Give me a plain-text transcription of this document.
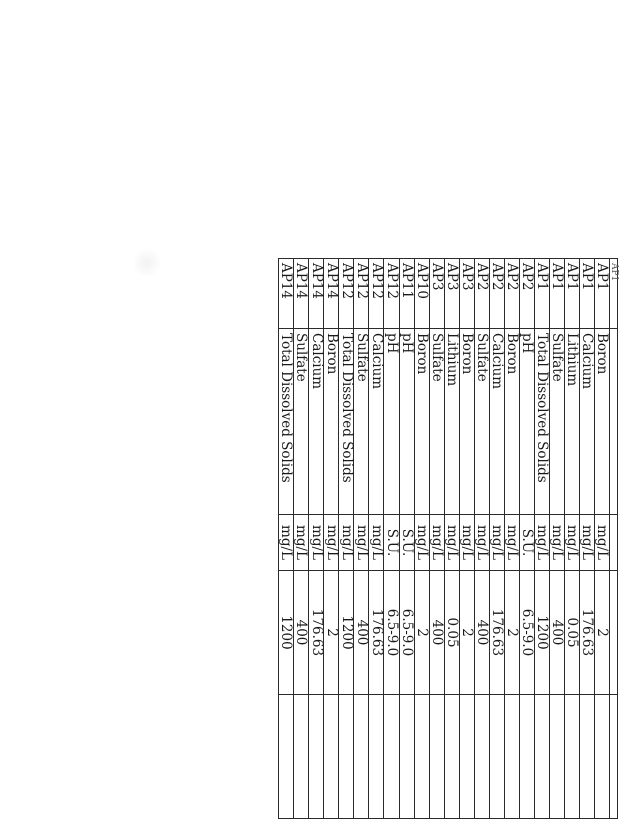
AP1				
AP1	Boron	mg/L	2	
AP1	Calcium	mg/L	176.63	
AP1	Lithium	mg/L	0.05	
AP1	Sulfate	mg/L	400	
AP1	Total Dissolved Solids	mg/L	1200	
AP2	pH	S.U.	6.5-9.0	
AP2	Boron	mg/L	2	
AP2	Calcium	mg/L	176.63	
AP2	Sulfate	mg/L	400	
AP3	Boron	mg/L	2	
AP3	Lithium	mg/L	0.05	
AP3	Sulfate	mg/L	400	
AP10	Boron	mg/L	2	
AP11	pH	S.U.	6.5-9.0	
AP12	pH	S.U.	6.5-9.0	
AP12	Calcium	mg/L	176.63	
AP12	Sulfate	mg/L	400	
AP12	Total Dissolved Solids	mg/L	1200	
AP14	Boron	mg/L	2	
AP14	Calcium	mg/L	176.63	
AP14	Sulfate	mg/L	400	
AP14	Total Dissolved Solids	mg/L	1200	
